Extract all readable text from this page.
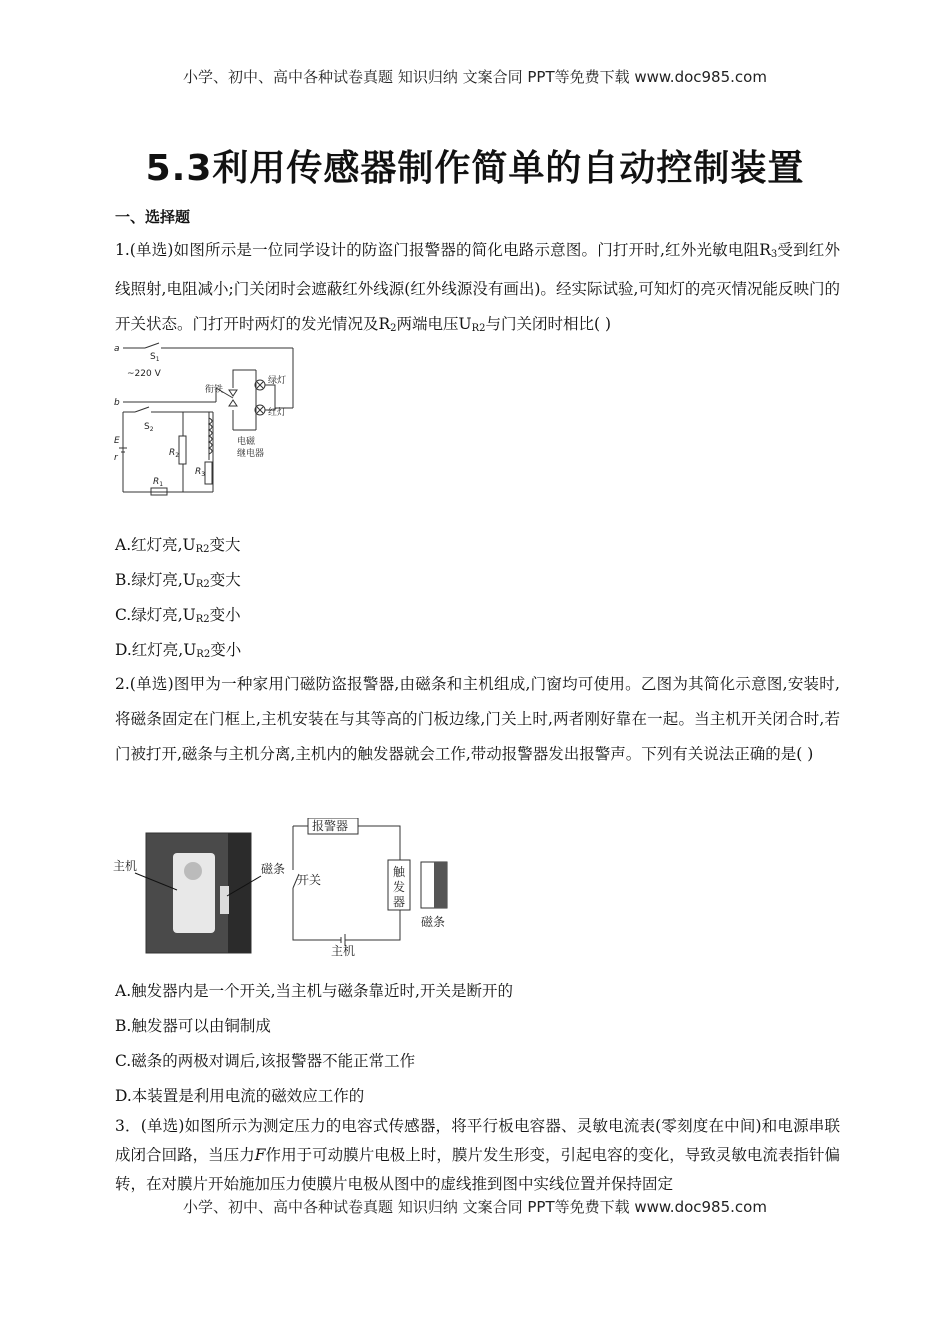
小学、初中、高中各种试卷真题 知识归纳 文案合同 PPT等免费下载 www.doc985.com
5.3利用传感器制作简单的自动控制装置
一、选择题
1.(单选)如图所示是一位同学设计的防盗门报警器的简化电路示意图。门打开时,红外光敏电阻$R_3$受到红外线照射,电阻减小;门关闭时会遮蔽红外线源(红外线源没有画出)。经实际试验,可知灯的亮灭情况能反映门的开关状态。门打开时两灯的发光情况及$R_2$两端电压$U_{R2}$与门关闭时相比( )
a
b
$S_1$
~220 V
衔铁
绿灯
红灯
电磁
继电器
$S_2$
E
r	$R_2$
$R_1$
$R_3$
A.红灯亮$,U_{R2}$变大
B.绿灯亮$,U_{R2}$变大
C.绿灯亮$,U_{R2}$变小
D.红灯亮$,U_{R2}$变小
2.(单选)图甲为一种家用门磁防盗报警器,由磁条和主机组成,门窗均可使用。乙图为其简化示意图,安装时,将磁条固定在门框上,主机安装在与其等高的门板边缘,门关上时,两者刚好靠在一起。当主机开关闭合时,若门被打开,磁条与主机分离,主机内的触发器就会工作,带动报警器发出报警声。下列有关说法正确的是( )
主机	磁条
报警器
开关
触
发
器
磁条
主机
A.触发器内是一个开关,当主机与磁条靠近时,开关是断开的
B.触发器可以由铜制成
C.磁条的两极对调后,该报警器不能正常工作
D.本装置是利用电流的磁效应工作的
3．(单选)如图所示为测定压力的电容式传感器，将平行板电容器、灵敏电流表(零刻度在中间)和电源串联成闭合回路，当压力F作用于可动膜片电极上时，膜片发生形变，引起电容的变化，导致灵敏电流表指针偏转，在对膜片开始施加压力使膜片电极从图中的虚线推到图中实线位置并保持固定
小学、初中、高中各种试卷真题 知识归纳 文案合同 PPT等免费下载 www.doc985.com
